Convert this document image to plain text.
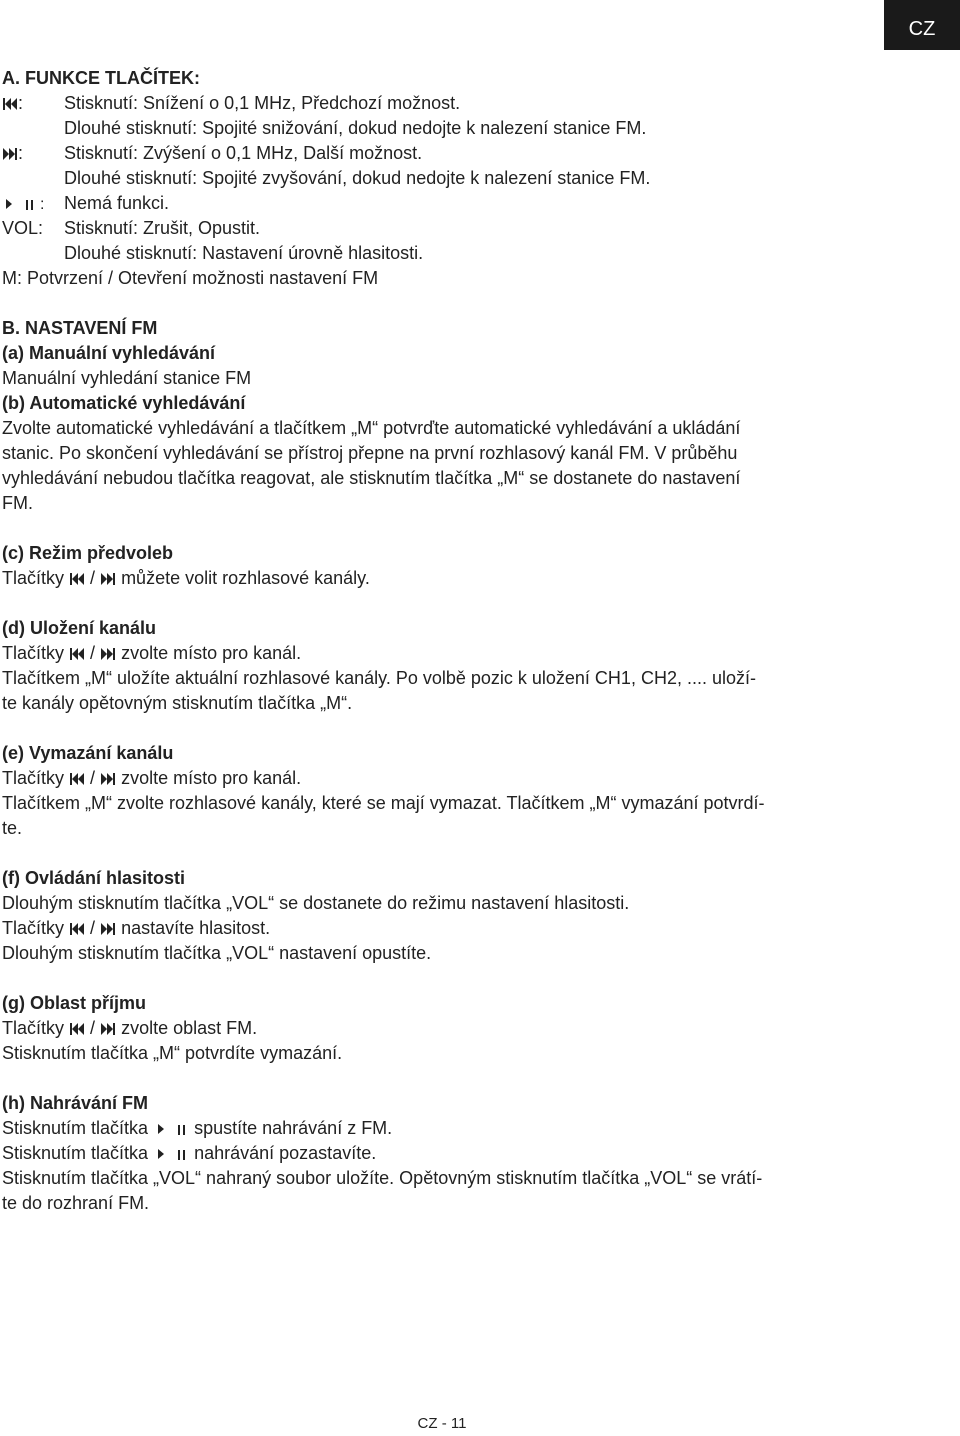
CZ
A. FUNKCE TLAČÍTEK:
: Stisknutí: Snížení o 0,1 MHz, Předchozí možnost.
Dlouhé stisknutí: Spojité snižování, dokud nedojte k nalezení stanice FM.
: Stisknutí: Zvýšení o 0,1 MHz, Další možnost.
Dlouhé stisknutí: Spojité zvyšování, dokud nedojte k nalezení stanice FM.
: Nemá funkci.
VOL: Stisknutí: Zrušit, Opustit.
Dlouhé stisknutí: Nastavení úrovně hlasitosti.
M: Potvrzení / Otevření možnosti nastavení FM
B. NASTAVENÍ FM
(a) Manuální vyhledávání
Manuální vyhledání stanice FM
(b) Automatické vyhledávání
Zvolte automatické vyhledávání a tlačítkem „M“ potvrďte automatické vyhledávání a ukládání
stanic. Po skončení vyhledávání se přístroj přepne na první rozhlasový kanál FM. V průběhu
vyhledávání nebudou tlačítka reagovat, ale stisknutím tlačítka „M“ se dostanete do nastavení
FM.
(c) Režim předvoleb
Tlačítky  /  můžete volit rozhlasové kanály.
(d) Uložení kanálu
Tlačítky  /  zvolte místo pro kanál.
Tlačítkem „M“ uložíte aktuální rozhlasové kanály. Po volbě pozic k uložení CH1, CH2, .... uloží-
te kanály opětovným stisknutím tlačítka „M“.
(e) Vymazání kanálu
Tlačítky  /  zvolte místo pro kanál.
Tlačítkem „M“ zvolte rozhlasové kanály, které se mají vymazat. Tlačítkem „M“ vymazání potvrdí-
te.
(f) Ovládání hlasitosti
Dlouhým stisknutím tlačítka „VOL“ se dostanete do režimu nastavení hlasitosti.
Tlačítky  /  nastavíte hlasitost.
Dlouhým stisknutím tlačítka „VOL“ nastavení opustíte.
(g) Oblast příjmu
Tlačítky  /  zvolte oblast FM.
Stisknutím tlačítka „M“ potvrdíte vymazání.
(h) Nahrávání FM
Stisknutím tlačítka	spustíte nahrávání z FM.
Stisknutím tlačítka	nahrávání pozastavíte.
Stisknutím tlačítka „VOL“ nahraný soubor uložíte. Opětovným stisknutím tlačítka „VOL“ se vrátí-
te do rozhraní FM.
CZ - 11
